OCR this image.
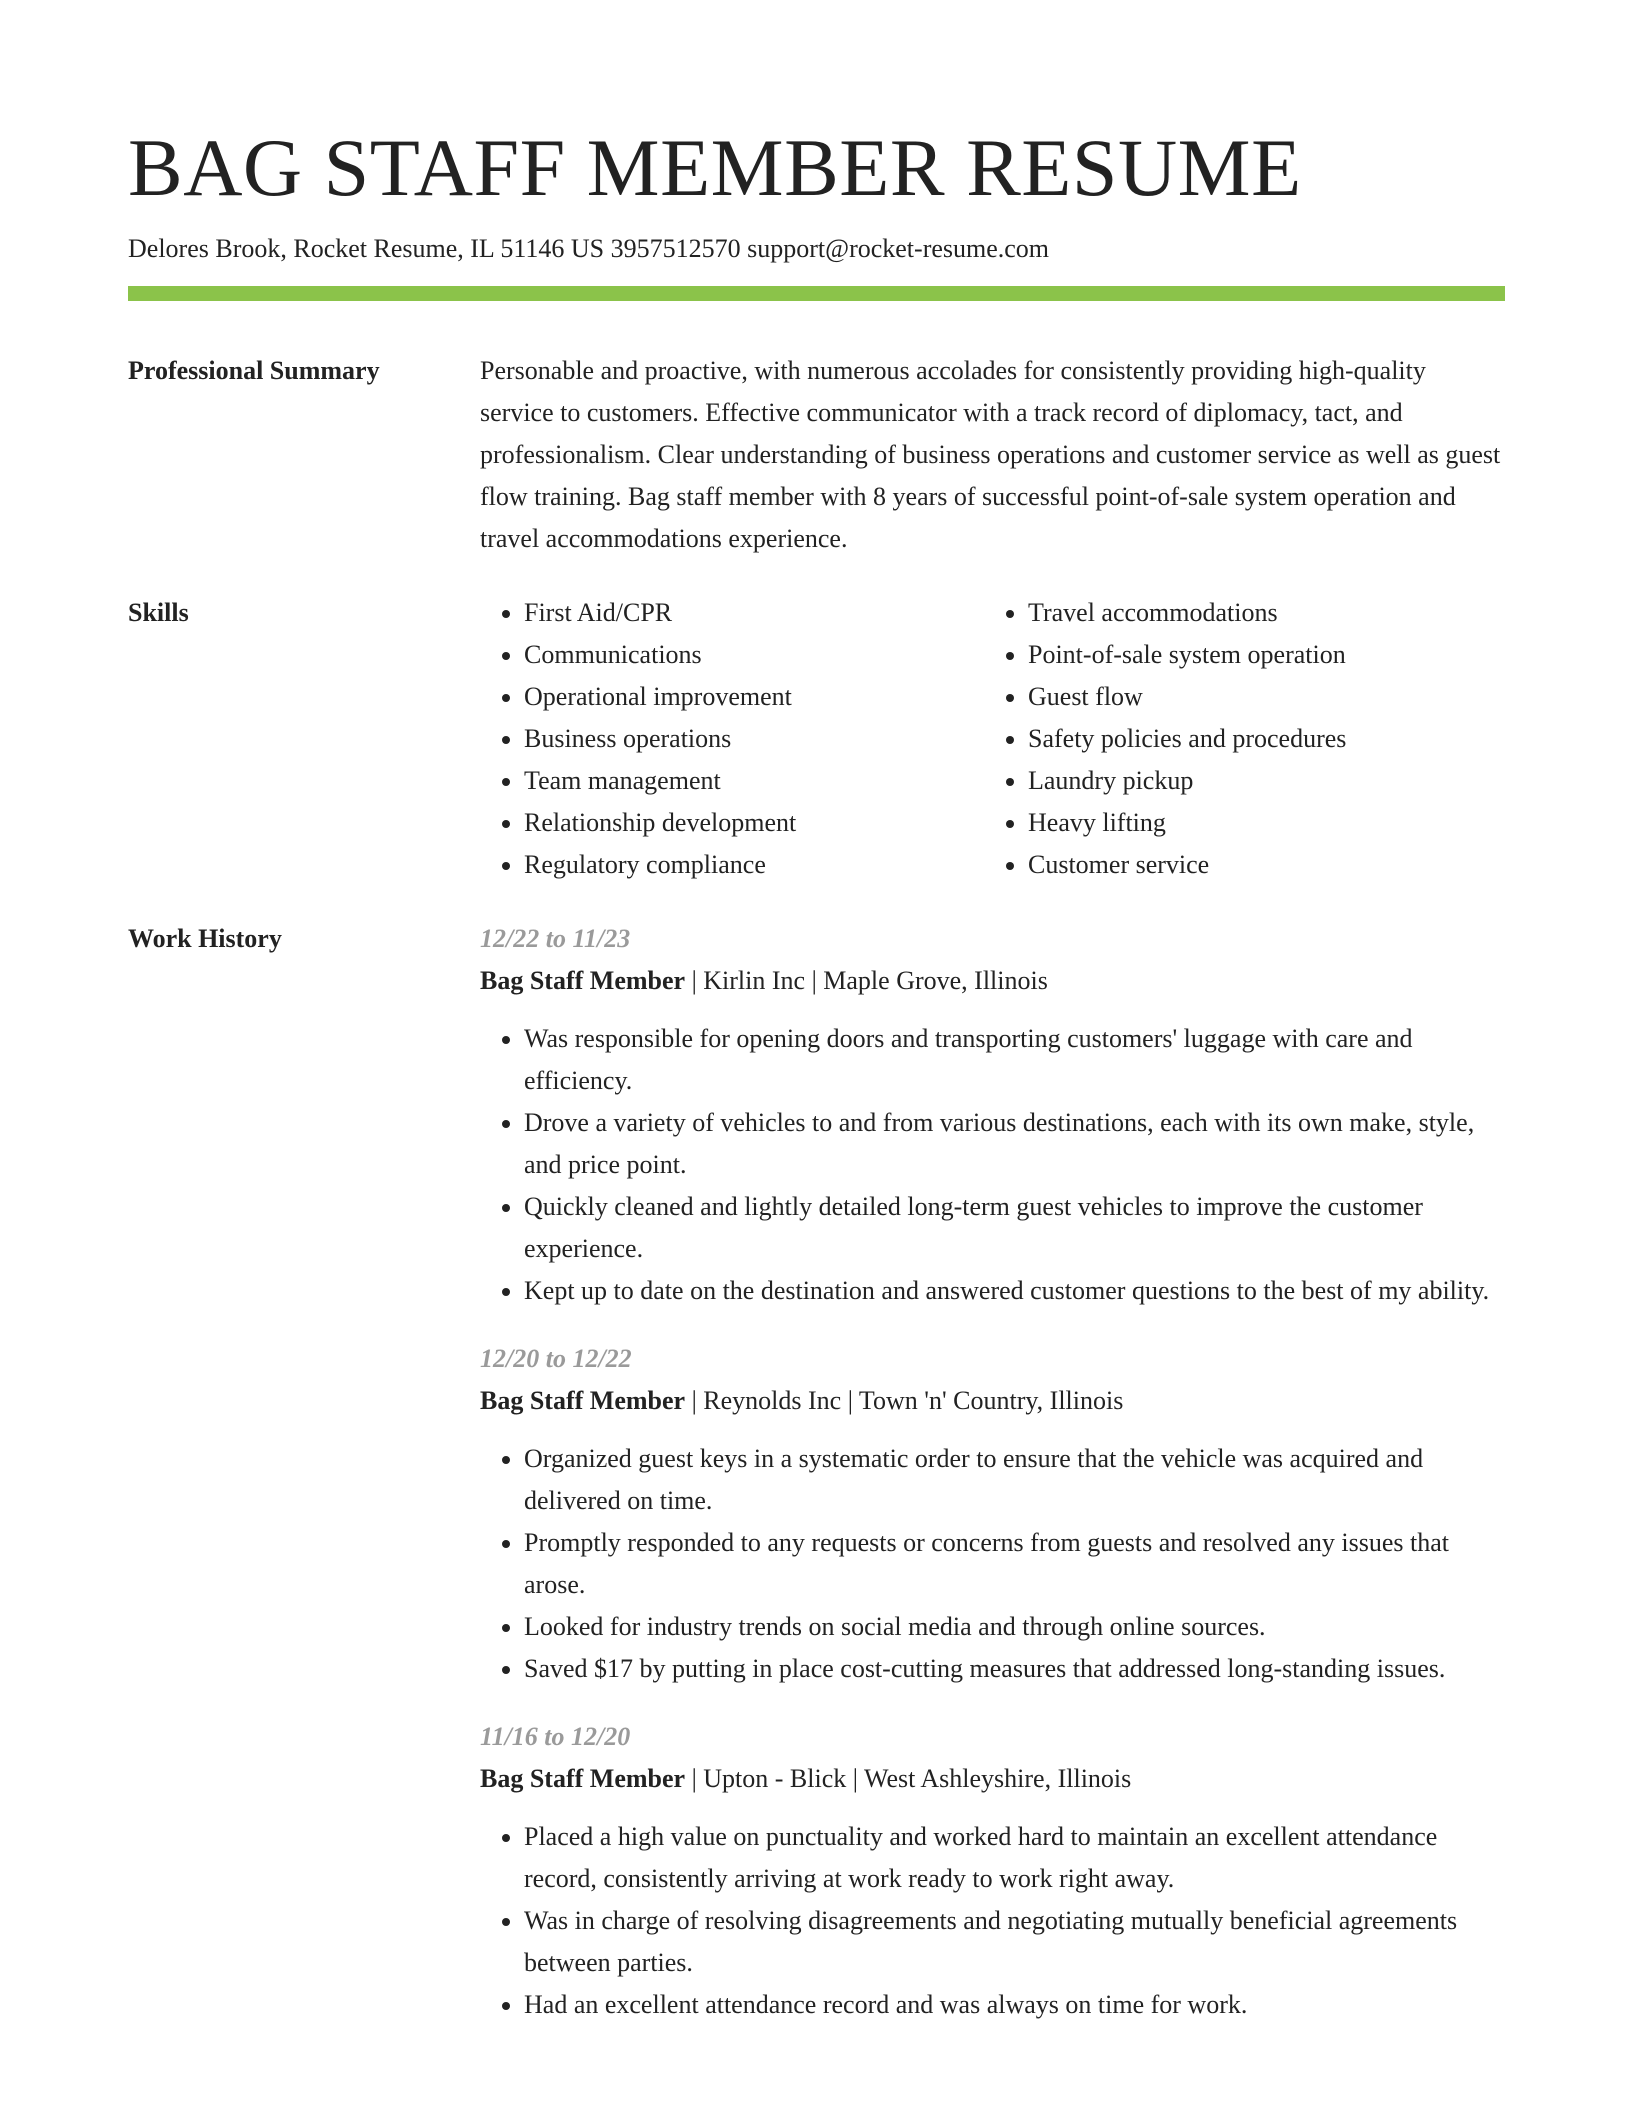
BAG STAFF MEMBER RESUME
Delores Brook, Rocket Resume, IL 51146 US 3957512570 support@rocket-resume.com
Professional Summary	Personable and proactive, with numerous accolades for consistently providing high-quality service to customers. Effective communicator with a track record of diplomacy, tact, and professionalism. Clear understanding of business operations and customer service as well as guest flow training. Bag staff member with 8 years of successful point-of-sale system operation and travel accommodations experience.

Skills
•	First Aid/CPR
• Communications
• Operational improvement
• Business operations
• Team management
• Relationship development
• Regulatory compliance
• Travel accommodations
• Point-of-sale system operation
• Guest flow
• Safety policies and procedures
• Laundry pickup
• Heavy lifting
• Customer service
Work History	12/22 to 11/23
Bag Staff Member | Kirlin Inc | Maple Grove, Illinois
• Was responsible for opening doors and transporting customers' luggage with care and efficiency.
• Drove a variety of vehicles to and from various destinations, each with its own make, style, and price point.
• Quickly cleaned and lightly detailed long-term guest vehicles to improve the customer experience.
• Kept up to date on the destination and answered customer questions to the best of my ability.
12/20 to 12/22
Bag Staff Member | Reynolds Inc | Town 'n' Country, Illinois
• Organized guest keys in a systematic order to ensure that the vehicle was acquired and delivered on time.
• Promptly responded to any requests or concerns from guests and resolved any issues that arose.
• Looked for industry trends on social media and through online sources.
• Saved $17 by putting in place cost-cutting measures that addressed long-standing issues.
11/16 to 12/20
Bag Staff Member | Upton - Blick | West Ashleyshire, Illinois
• Placed a high value on punctuality and worked hard to maintain an excellent attendance record, consistently arriving at work ready to work right away.
• Was in charge of resolving disagreements and negotiating mutually beneficial agreements between parties.
• Had an excellent attendance record and was always on time for work.
